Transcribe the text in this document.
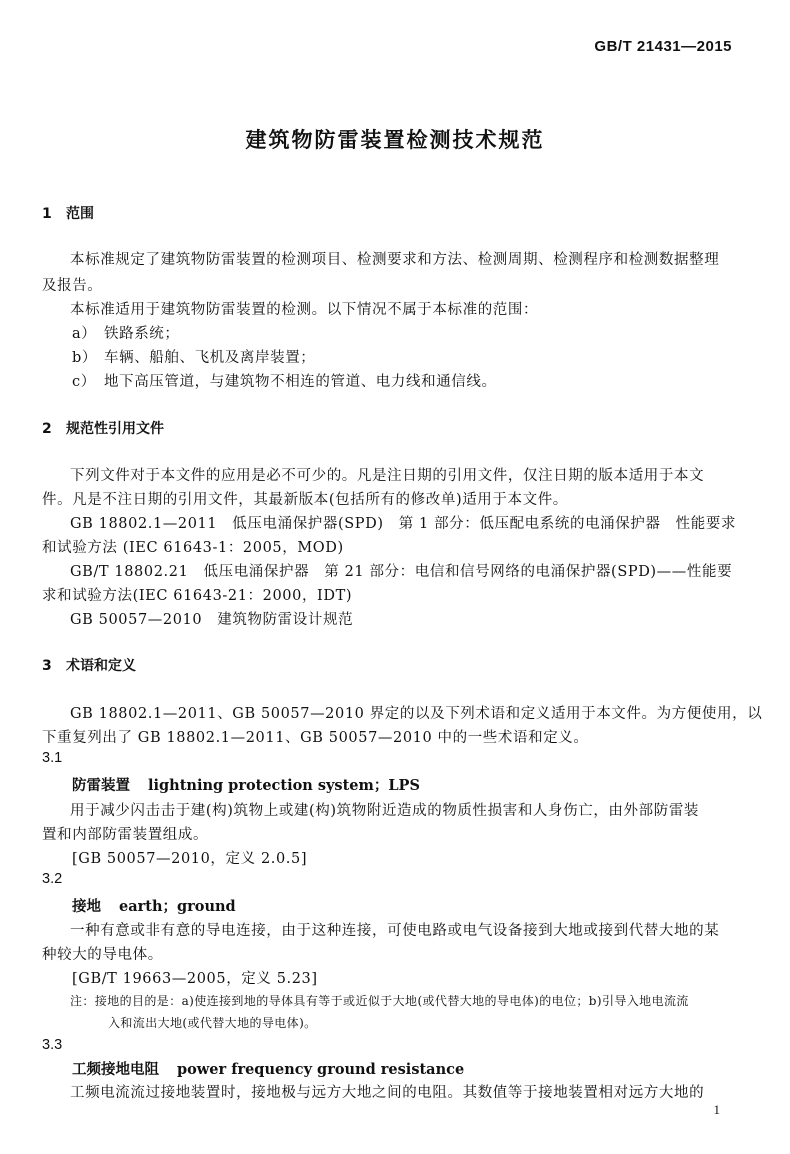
GB/T 21431—2015
建筑物防雷装置检测技术规范
1 范围
本标准规定了建筑物防雷装置的检测项目、检测要求和方法、检测周期、检测程序和检测数据整理
及报告。
本标准适用于建筑物防雷装置的检测。以下情况不属于本标准的范围：
a） 铁路系统；
b） 车辆、船舶、飞机及离岸装置；
c） 地下高压管道，与建筑物不相连的管道、电力线和通信线。
2 规范性引用文件
下列文件对于本文件的应用是必不可少的。凡是注日期的引用文件，仅注日期的版本适用于本文
件。凡是不注日期的引用文件，其最新版本(包括所有的修改单)适用于本文件。
GB 18802.1—2011　低压电涌保护器(SPD)　第 1 部分：低压配电系统的电涌保护器　性能要求
和试验方法 (IEC 61643-1：2005，MOD)
GB/T 18802.21　低压电涌保护器　第 21 部分：电信和信号网络的电涌保护器(SPD)——性能要
求和试验方法(IEC 61643-21：2000，IDT)
GB 50057—2010　建筑物防雷设计规范
3 术语和定义
GB 18802.1—2011、GB 50057—2010 界定的以及下列术语和定义适用于本文件。为方便使用，以
下重复列出了 GB 18802.1—2011、GB 50057—2010 中的一些术语和定义。
3.1
防雷装置 lightning protection system；LPS
用于减少闪击击于建(构)筑物上或建(构)筑物附近造成的物质性损害和人身伤亡，由外部防雷装
置和内部防雷装置组成。
[GB 50057—2010，定义 2.0.5]
3.2
接地 earth；ground
一种有意或非有意的导电连接，由于这种连接，可使电路或电气设备接到大地或接到代替大地的某
种较大的导电体。
[GB/T 19663—2005，定义 5.23]
注：接地的目的是：a)使连接到地的导体具有等于或近似于大地(或代替大地的导电体)的电位；b)引导入地电流流
入和流出大地(或代替大地的导电体)。
3.3
工频接地电阻 power frequency ground resistance
工频电流流过接地装置时，接地极与远方大地之间的电阻。其数值等于接地装置相对远方大地的
1
